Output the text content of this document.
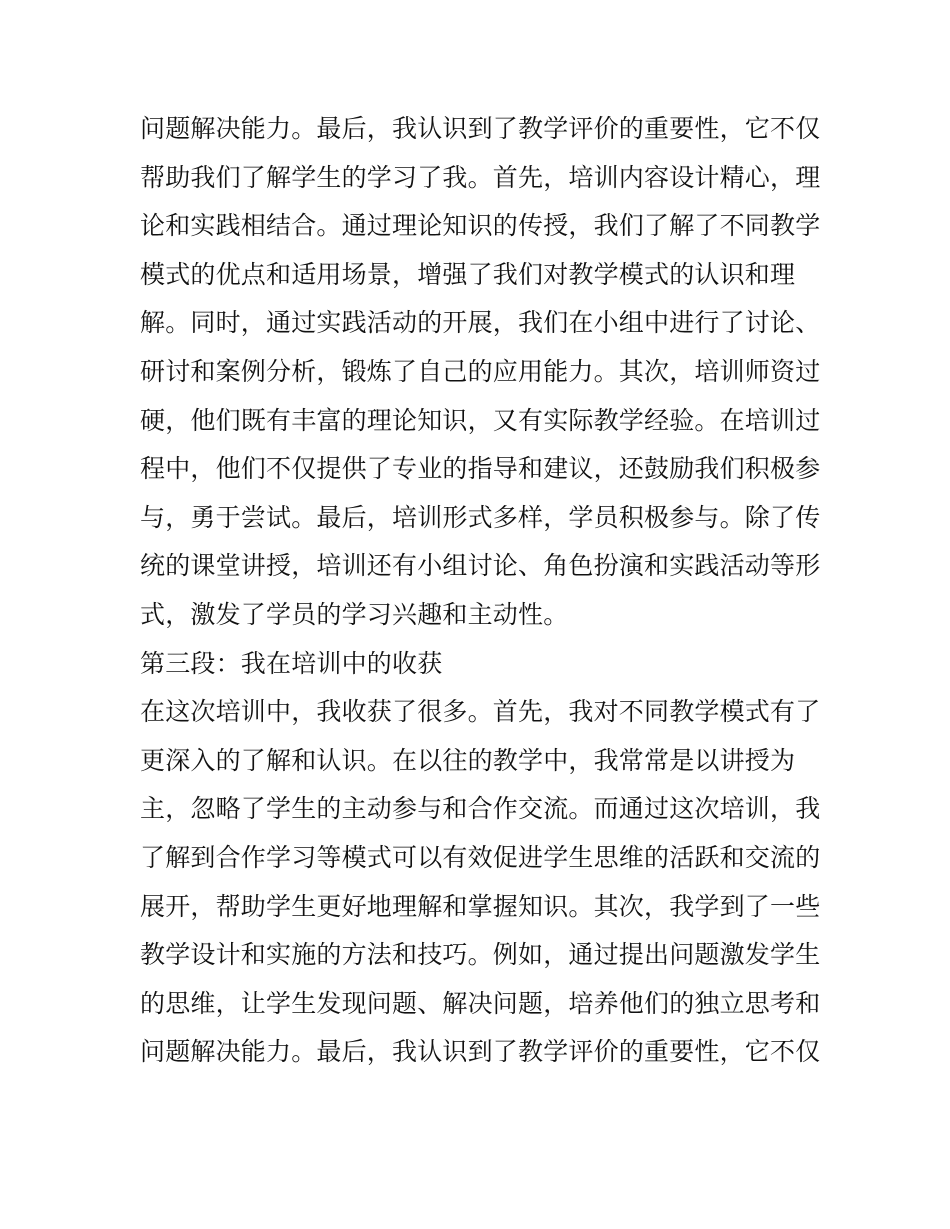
问题解决能力。最后，我认识到了教学评价的重要性，它不仅
帮助我们了解学生的学习了我。首先，培训内容设计精心，理
论和实践相结合。通过理论知识的传授，我们了解了不同教学
模式的优点和适用场景，增强了我们对教学模式的认识和理
解。同时，通过实践活动的开展，我们在小组中进行了讨论、
研讨和案例分析，锻炼了自己的应用能力。其次，培训师资过
硬，他们既有丰富的理论知识，又有实际教学经验。在培训过
程中，他们不仅提供了专业的指导和建议，还鼓励我们积极参
与，勇于尝试。最后，培训形式多样，学员积极参与。除了传
统的课堂讲授，培训还有小组讨论、角色扮演和实践活动等形
式，激发了学员的学习兴趣和主动性。
第三段：我在培训中的收获
在这次培训中，我收获了很多。首先，我对不同教学模式有了
更深入的了解和认识。在以往的教学中，我常常是以讲授为
主，忽略了学生的主动参与和合作交流。而通过这次培训，我
了解到合作学习等模式可以有效促进学生思维的活跃和交流的
展开，帮助学生更好地理解和掌握知识。其次，我学到了一些
教学设计和实施的方法和技巧。例如，通过提出问题激发学生
的思维，让学生发现问题、解决问题，培养他们的独立思考和
问题解决能力。最后，我认识到了教学评价的重要性，它不仅
